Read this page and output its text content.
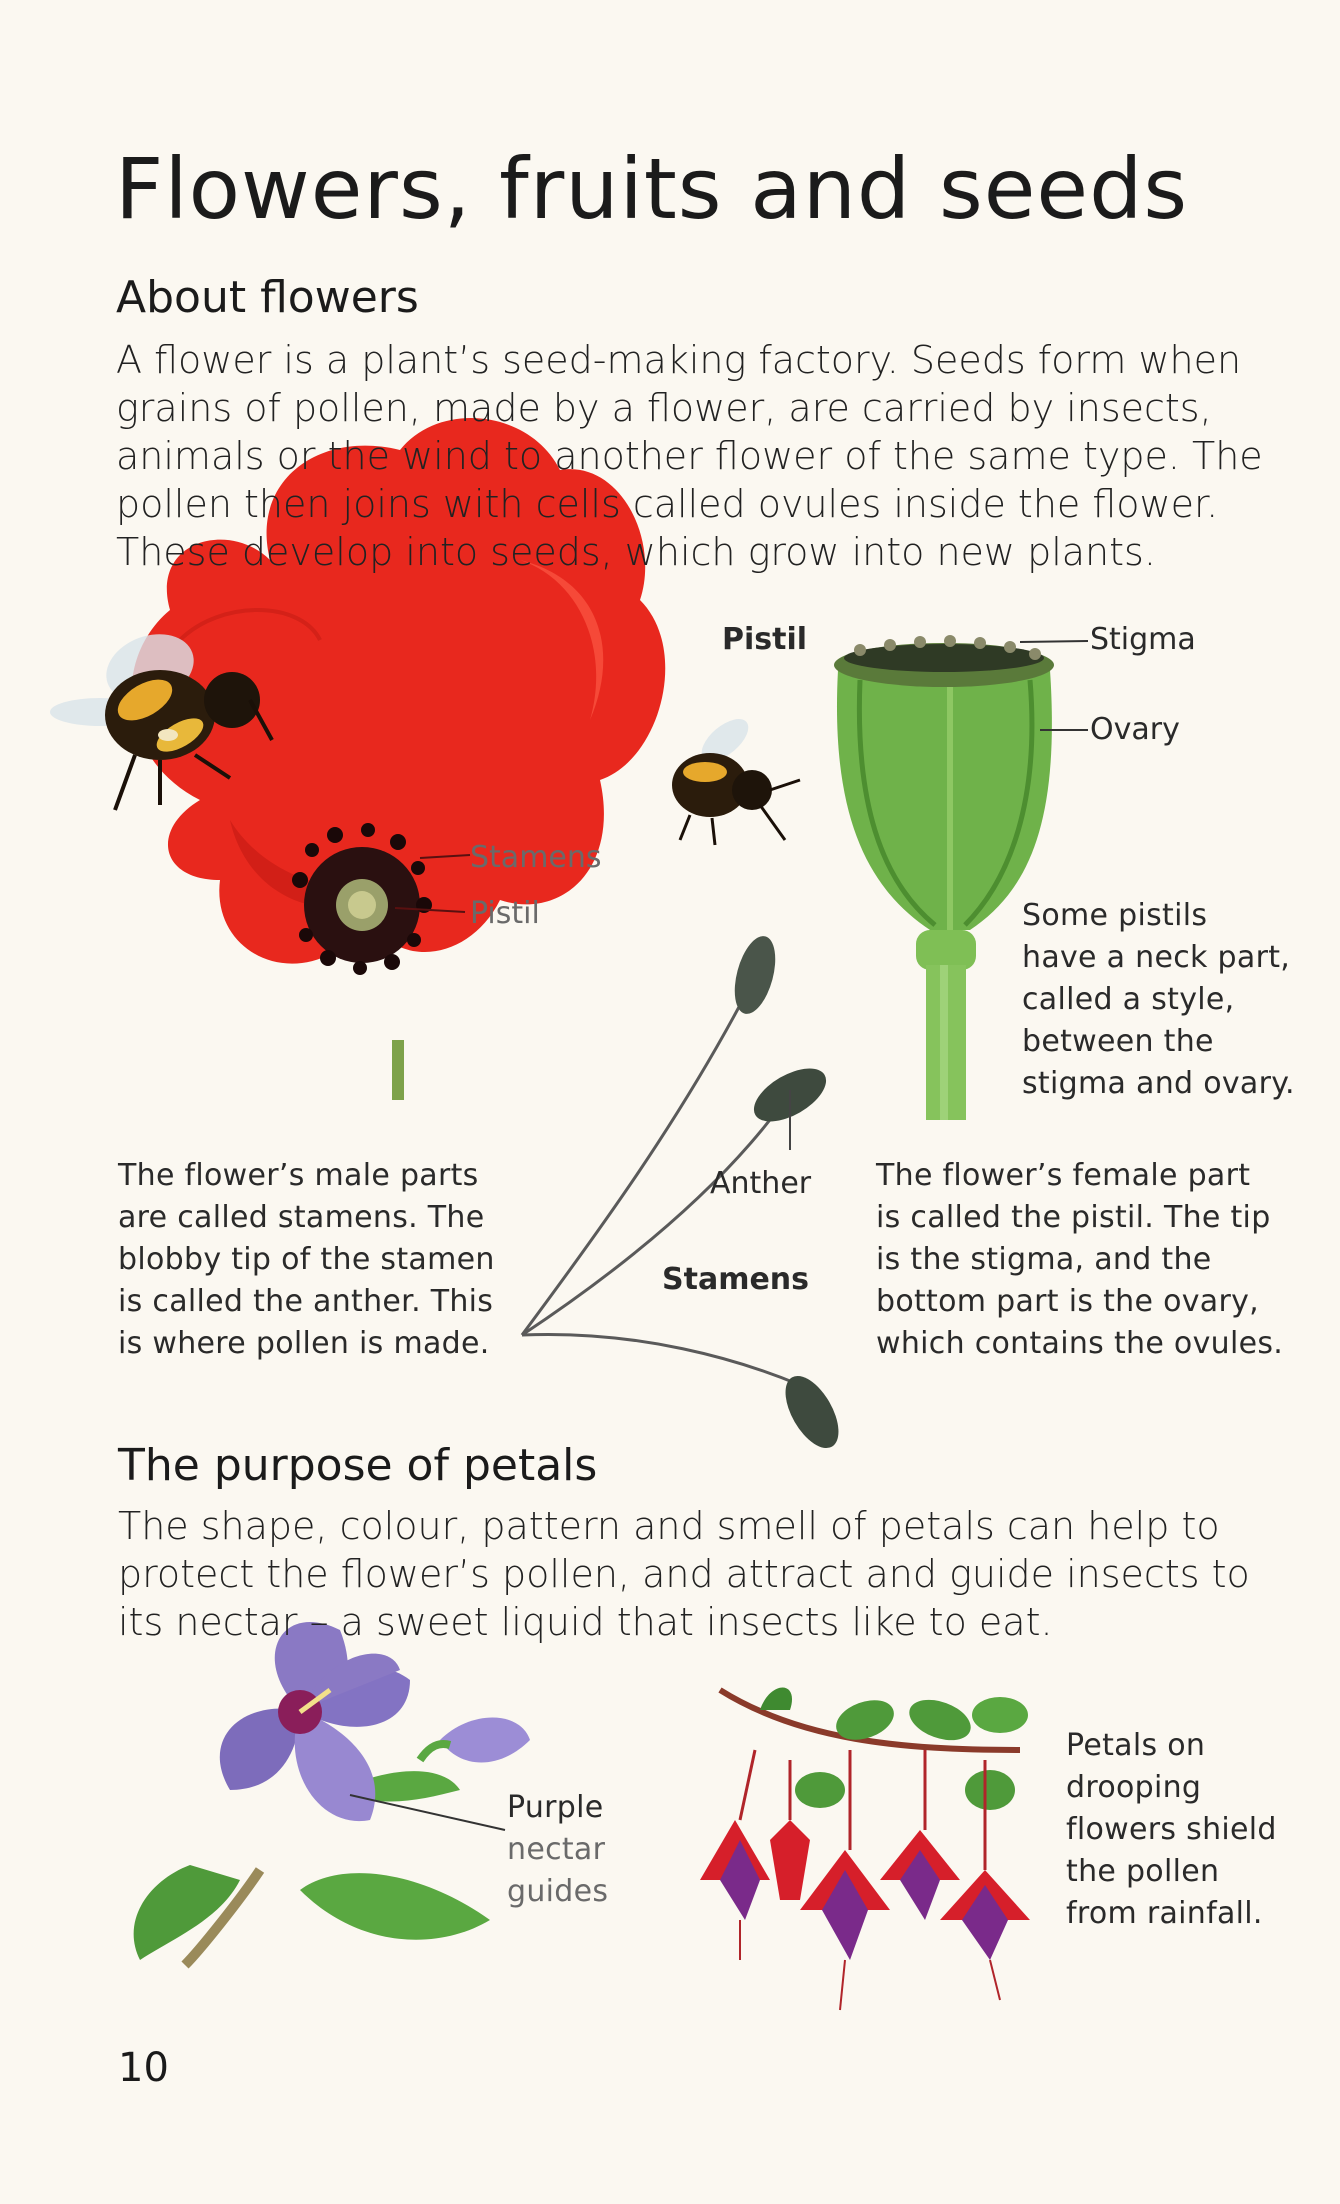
Flowers, fruits and seeds
About flowers

A flower is a plant’s seed-making factory. Seeds form when

grains of pollen, made by a flower, are carried by insects,

animals or the wind to another flower of the same type. The

pollen then joins with cells called ovules inside the flower.

These develop into seeds, which grow into new plants.

Stamens

Pistil

Pistil	Stigma

Ovary

Some pistils

have a neck part,

called a style,

between the

stigma and ovary.

Anther

Stamens

The flower’s male parts

are called stamens. The

blobby tip of the stamen

is called the anther. This

is where pollen is made.

The flower’s female part

is called the pistil. The tip

is the stigma, and the

bottom part is the ovary,

which contains the ovules.

The purpose of petals

The shape, colour, pattern and smell of petals can help to

protect the flower’s pollen, and attract and guide insects to

its nectar – a sweet liquid that insects like to eat.

Purple

nectar

guides

Petals on

drooping

flowers shield

the pollen

from rainfall.

10
